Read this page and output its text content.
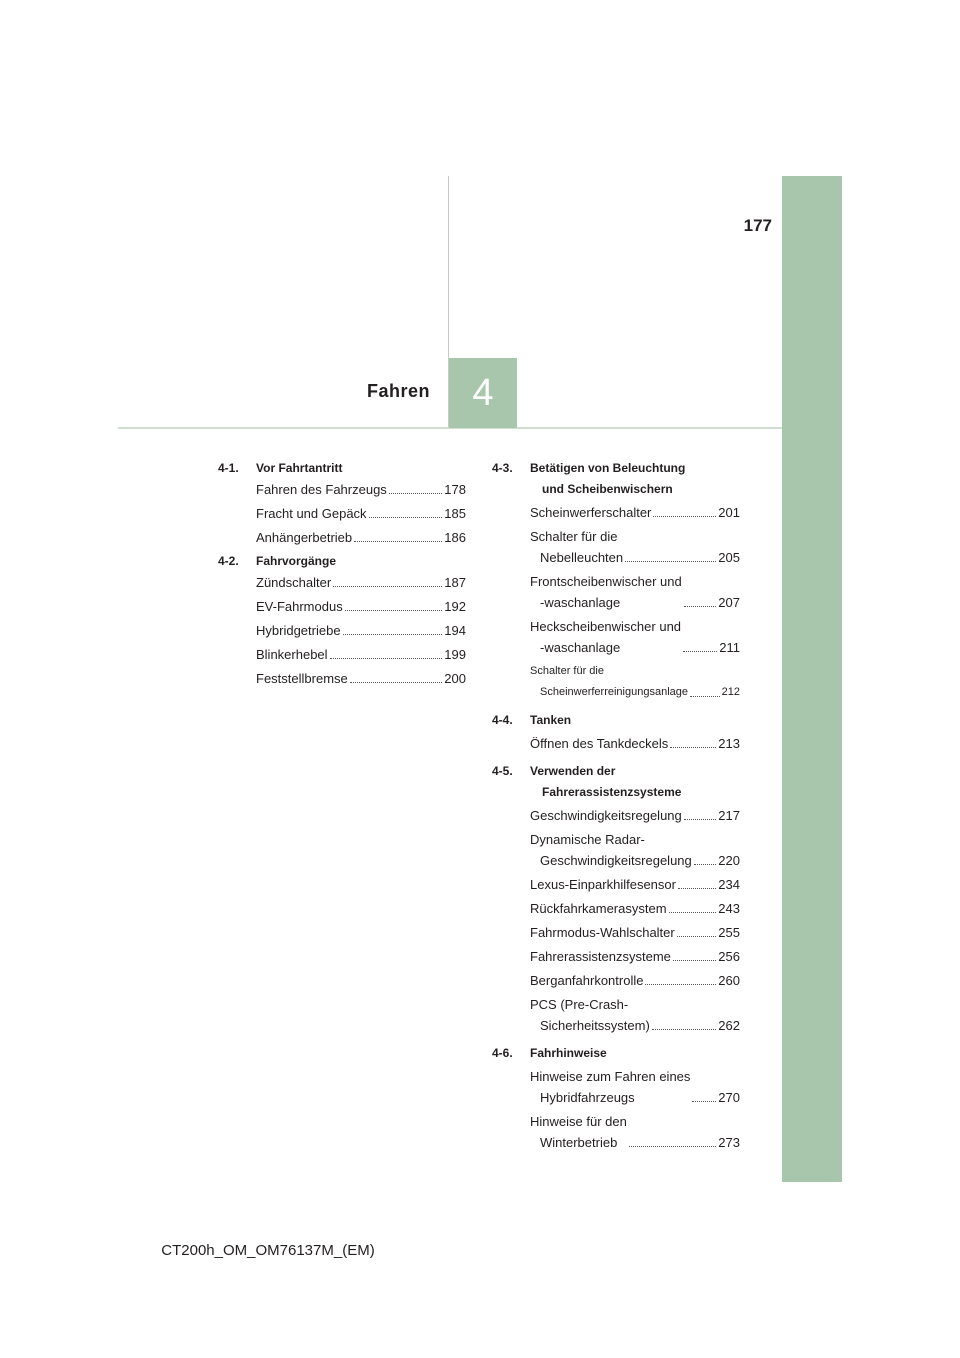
177
Fahren 4
4-1.	Vor Fahrtantritt
Fahren des Fahrzeugs	178
Fracht und Gepäck	185
Anhängerbetrieb	186
4-2.	Fahrvorgänge
Zündschalter	187
EV-Fahrmodus	192
Hybridgetriebe	194
Blinkerhebel	199
Feststellbremse	200
4-3.	Betätigen von Beleuchtung
und Scheibenwischern
Scheinwerferschalter	201
Schalter für die
Nebelleuchten	205
Frontscheibenwischer und
-waschanlage	207
Heckscheibenwischer und
-waschanlage	211
Schalter für die
Scheinwerferreinigungsanlage	212
4-4.	Tanken
Öffnen des Tankdeckels	213
4-5.	Verwenden der
Fahrerassistenzsysteme
Geschwindigkeitsregelung	217
Dynamische Radar-
Geschwindigkeitsregelung 220
Lexus-Einparkhilfesensor	234
Rückfahrkamerasystem	243
Fahrmodus-Wahlschalter	255
Fahrerassistenzsysteme	256
Berganfahrkontrolle	260
PCS (Pre-Crash-
Sicherheitssystem)	262
4-6.	Fahrhinweise
Hinweise zum Fahren eines
Hybridfahrzeugs	270
Hinweise für den
Winterbetrieb	273
CT200h_OM_OM76137M_(EM)
